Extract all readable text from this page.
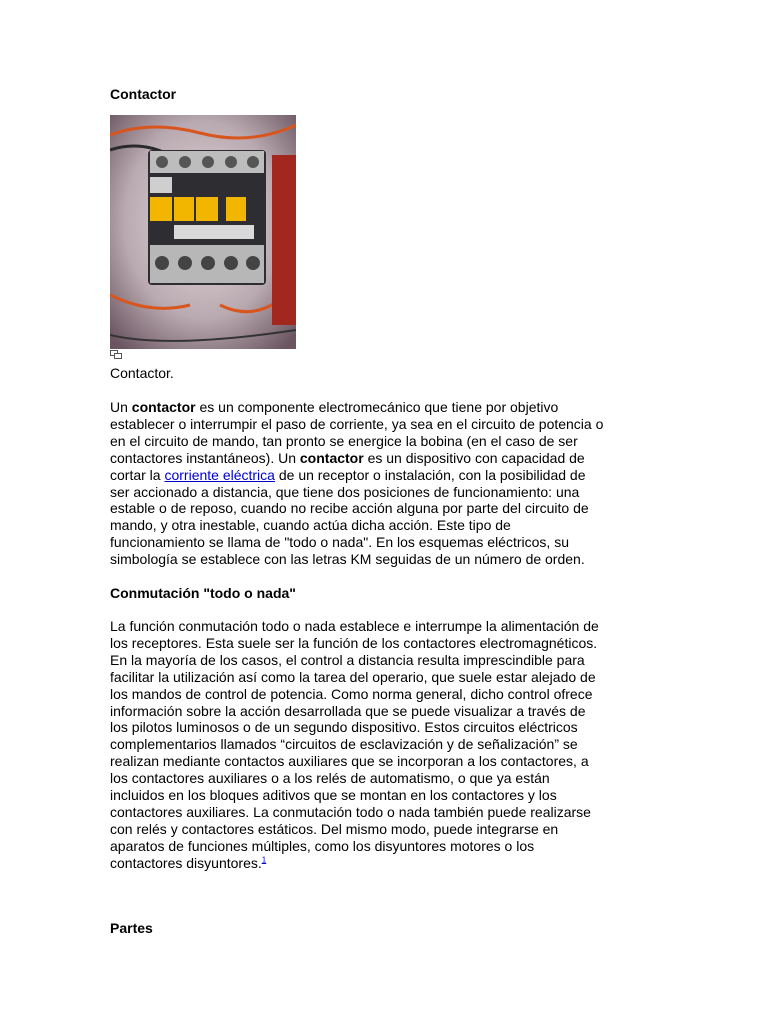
Contactor
Contactor.
Un contactor es un componente electromecánico que tiene por objetivo
establecer o interrumpir el paso de corriente, ya sea en el circuito de potencia o
en el circuito de mando, tan pronto se energice la bobina (en el caso de ser
contactores instantáneos). Un contactor es un dispositivo con capacidad de
cortar la corriente eléctrica de un receptor o instalación, con la posibilidad de
ser accionado a distancia, que tiene dos posiciones de funcionamiento: una
estable o de reposo, cuando no recibe acción alguna por parte del circuito de
mando, y otra inestable, cuando actúa dicha acción. Este tipo de
funcionamiento se llama de "todo o nada". En los esquemas eléctricos, su
simbología se establece con las letras KM seguidas de un número de orden.
Conmutación "todo o nada"
La función conmutación todo o nada establece e interrumpe la alimentación de
los receptores. Esta suele ser la función de los contactores electromagnéticos.
En la mayoría de los casos, el control a distancia resulta imprescindible para
facilitar la utilización así como la tarea del operario, que suele estar alejado de
los mandos de control de potencia. Como norma general, dicho control ofrece
información sobre la acción desarrollada que se puede visualizar a través de
los pilotos luminosos o de un segundo dispositivo. Estos circuitos eléctricos
complementarios llamados “circuitos de esclavización y de señalización” se
realizan mediante contactos auxiliares que se incorporan a los contactores, a
los contactores auxiliares o a los relés de automatismo, o que ya están
incluidos en los bloques aditivos que se montan en los contactores y los
contactores auxiliares. La conmutación todo o nada también puede realizarse
con relés y contactores estáticos. Del mismo modo, puede integrarse en
aparatos de funciones múltiples, como los disyuntores motores o los
contactores disyuntores.$^1$
Partes
